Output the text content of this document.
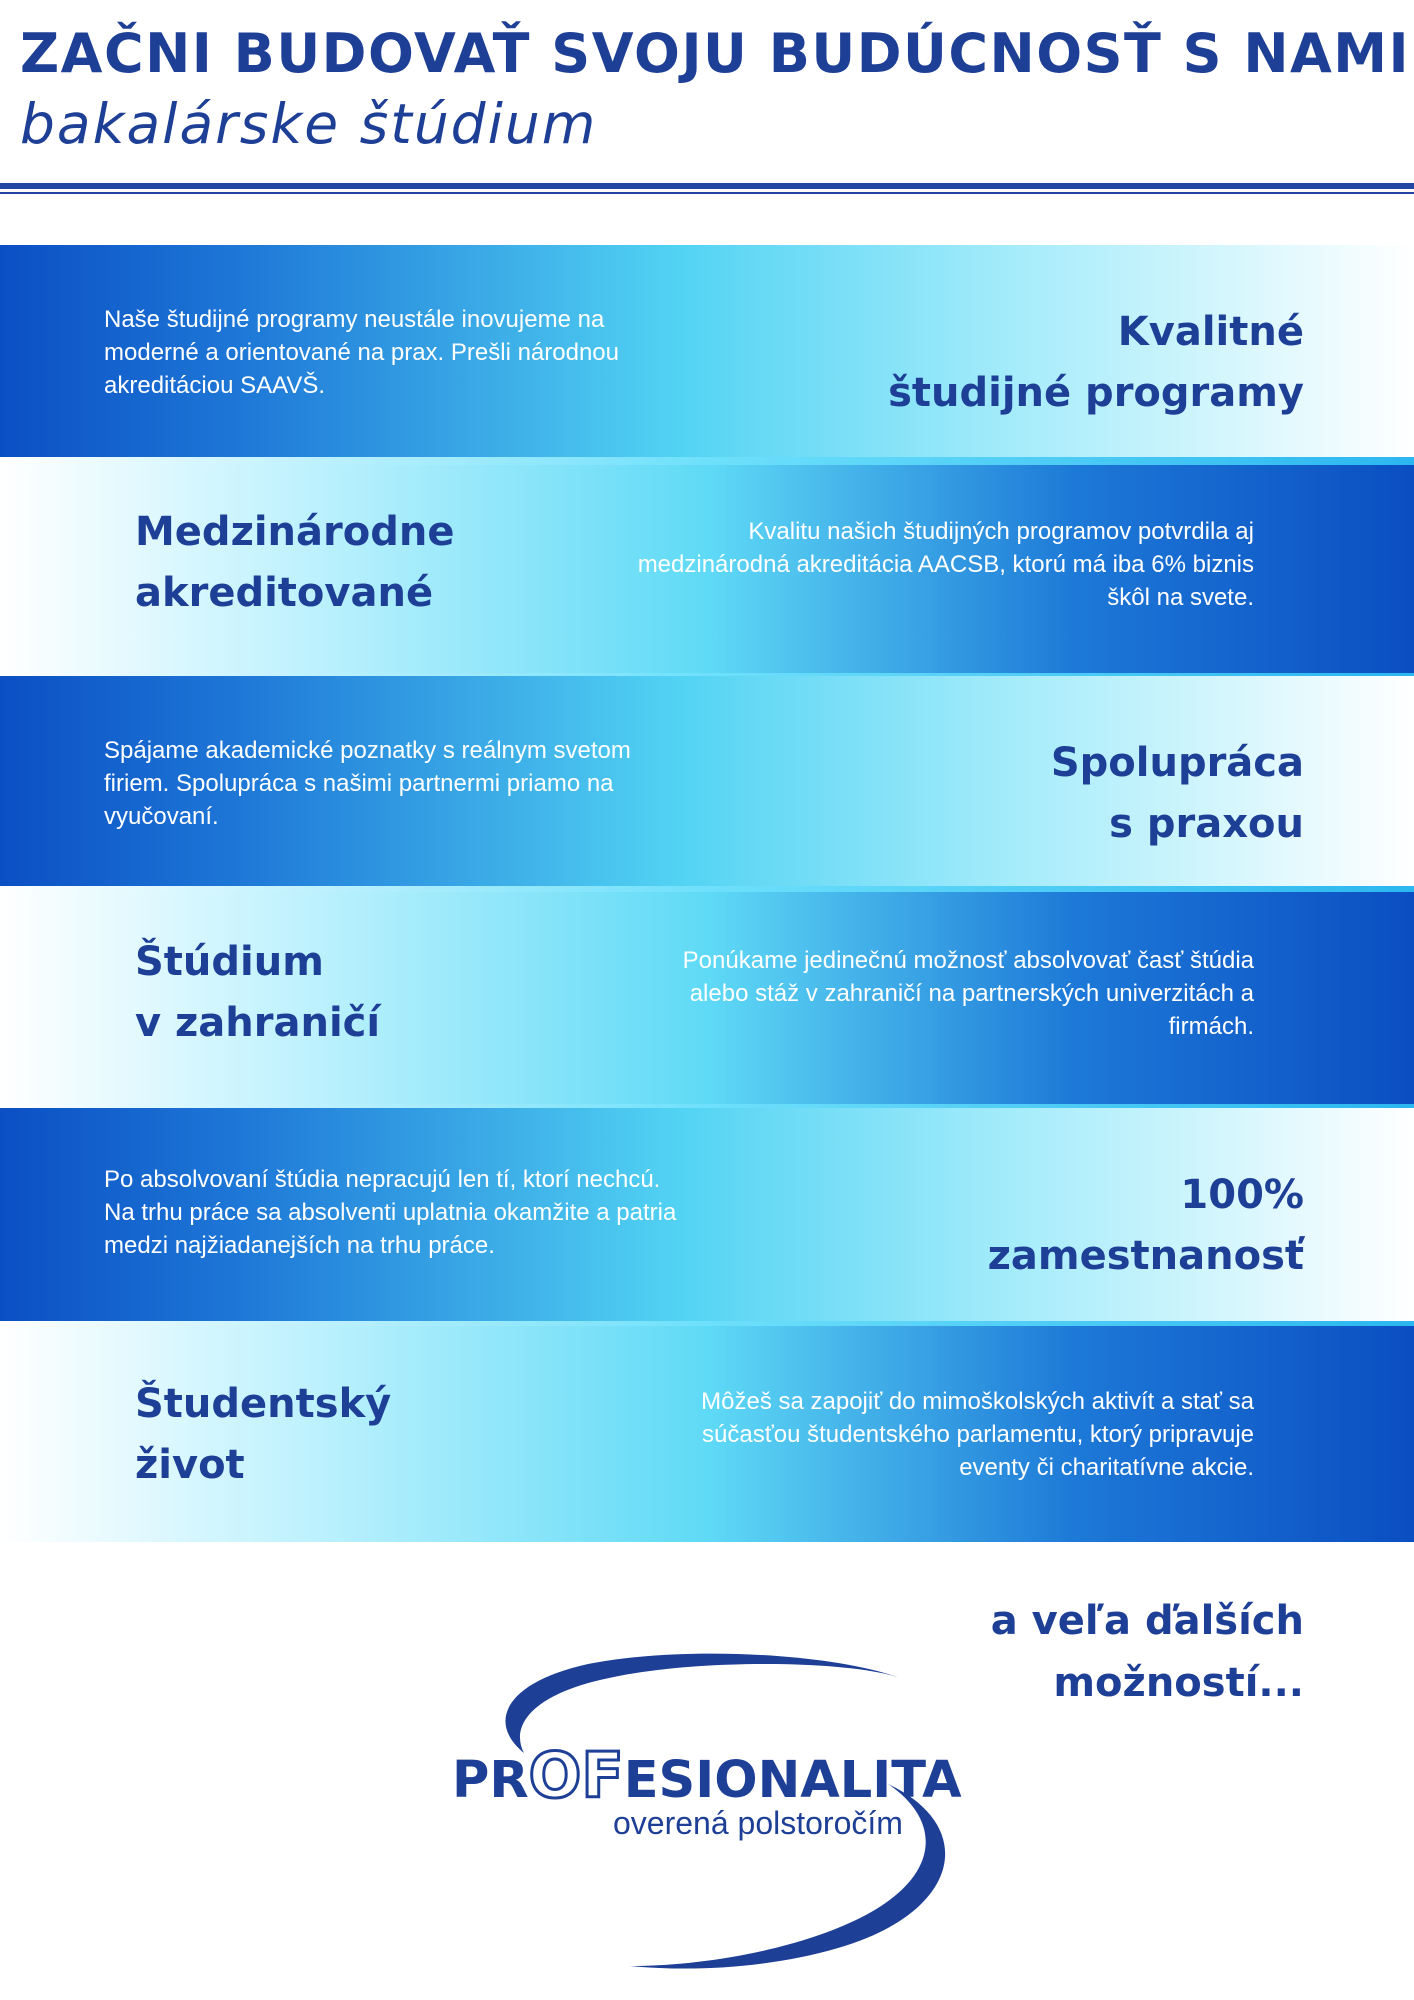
ZAČNI BUDOVAŤ SVOJU BUDÚCNOSŤ S NAMI
bakalárske štúdium

Naše študijné programy neustále inovujeme na moderné a orientované na prax. Prešli národnou akreditáciou SAAVŠ.

Kvalitné
študijné programy
Medzinárodne
akreditované

Kvalitu našich študijných programov potvrdila aj medzinárodná akreditácia AACSB, ktorú má iba 6% biznis škôl na svete.

Spájame akademické poznatky s reálnym svetom firiem. Spolupráca s našimi partnermi priamo na vyučovaní.

Spolupráca
s praxou
Štúdium
v zahraničí

Ponúkame jedinečnú možnosť absolvovať časť štúdia alebo stáž v zahraničí na partnerských univerzitách a firmách.

Po absolvovaní štúdia nepracujú len tí, ktorí nechcú. Na trhu práce sa absolventi uplatnia okamžite a patria medzi najžiadanejších na trhu práce.

100%
zamestnanosť
Študentský
život

Môžeš sa zapojiť do mimoškolských aktivít a stať sa súčasťou študentského parlamentu, ktorý pripravuje eventy či charitatívne akcie.

a veľa ďalších
možností...

PROFESIONALITA
overená polstoročím
